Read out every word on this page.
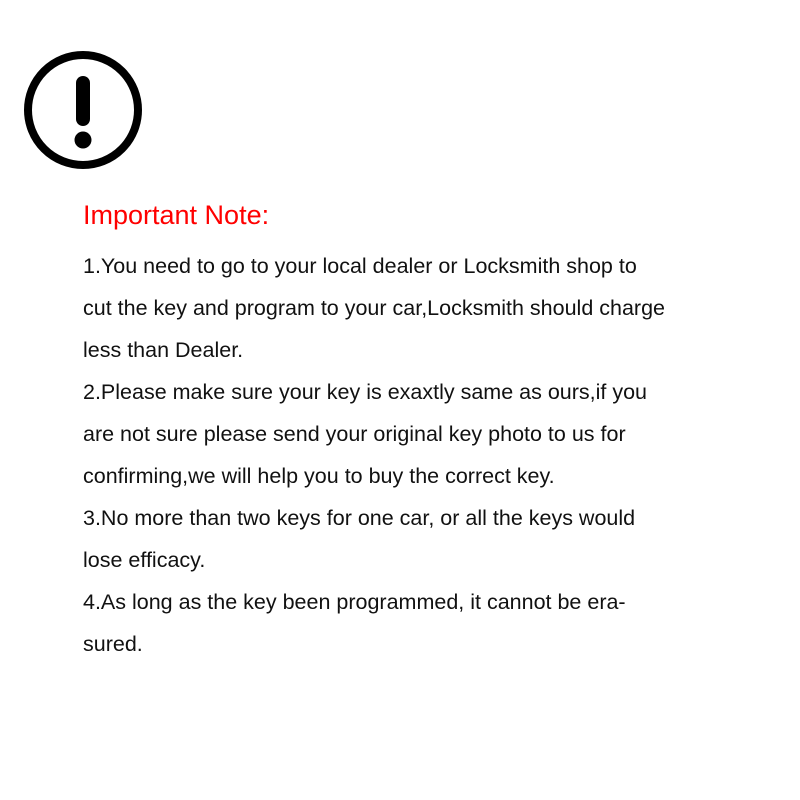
Important Note:
1.You need to go to your local dealer or Locksmith shop to
cut the key and program to your car,Locksmith should charge
less than Dealer.
2.Please make sure your key is exaxtly same as ours,if you
are not sure please send your original key photo to us for
confirming,we will help you to buy the correct key.
3.No more than two keys for one car, or all the keys would
lose efficacy.
4.As long as the key been programmed, it cannot be era-
sured.
